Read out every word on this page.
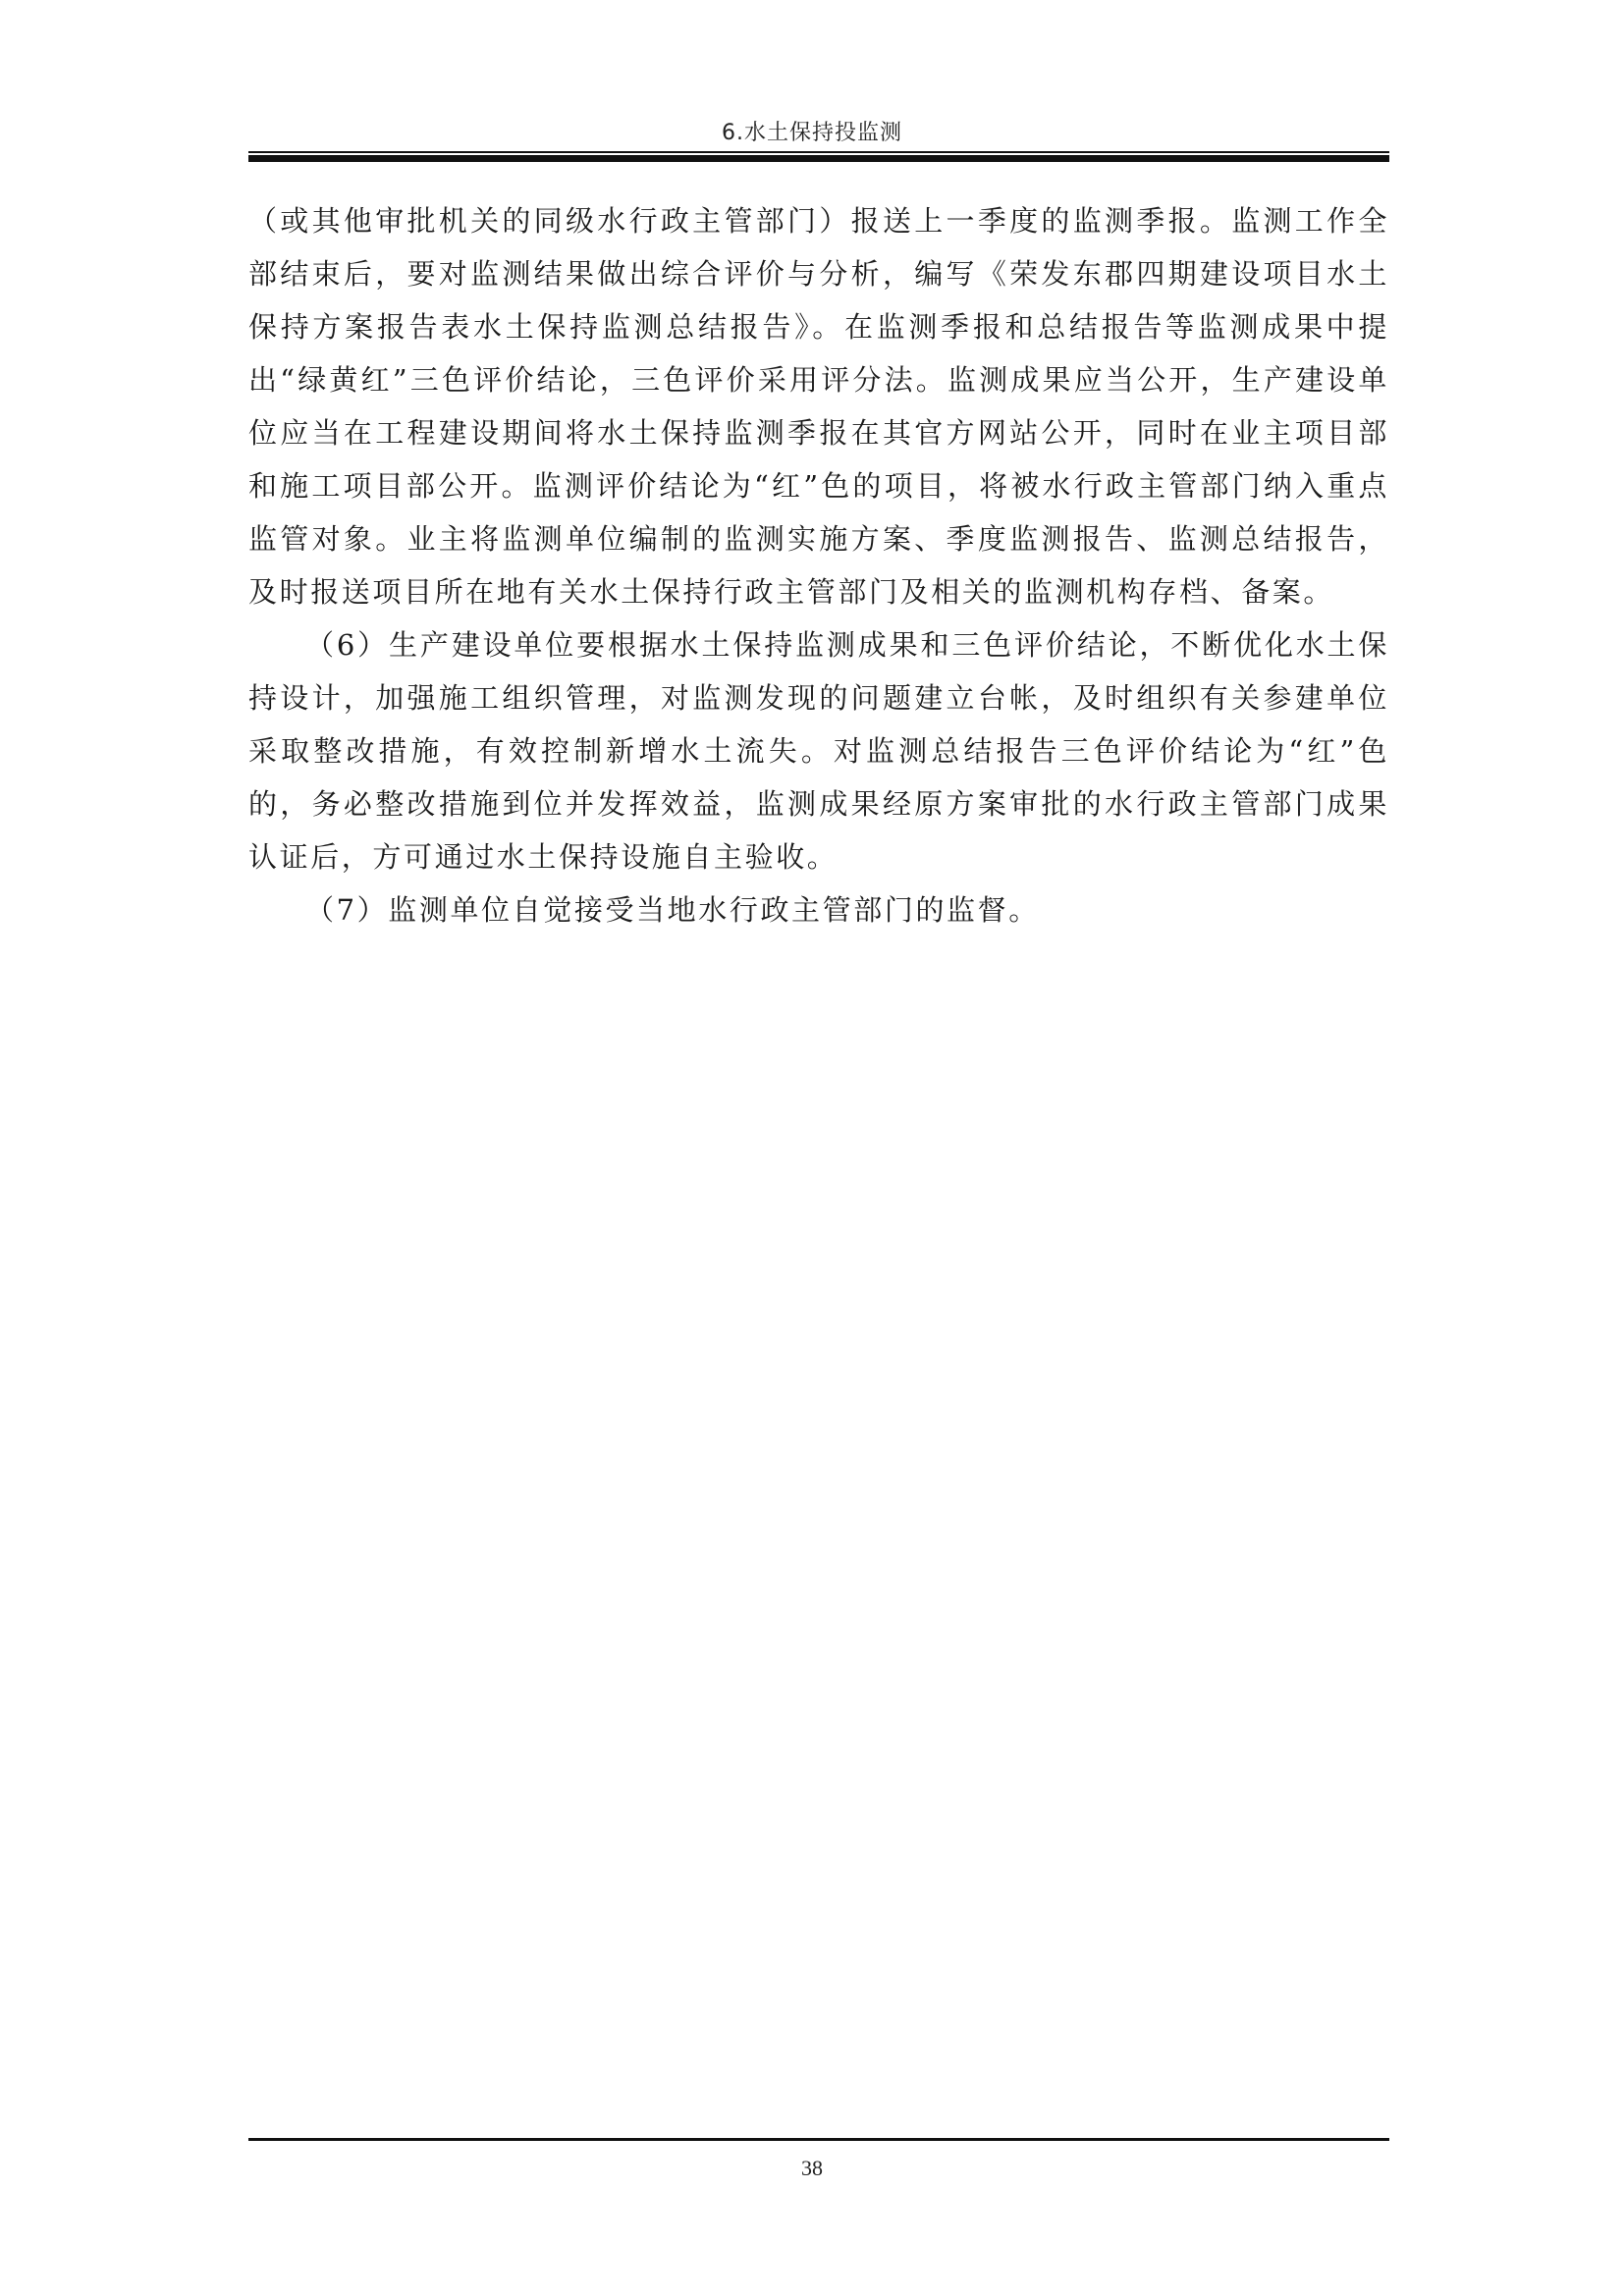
6.水土保持投监测

（或其他审批机关的同级水行政主管部门）报送上一季度的监测季报。监测工作全部结束后，要对监测结果做出综合评价与分析，编写《荣发东郡四期建设项目水土保持方案报告表水土保持监测总结报告》。在监测季报和总结报告等监测成果中提出“绿黄红”三色评价结论，三色评价采用评分法。监测成果应当公开，生产建设单位应当在工程建设期间将水土保持监测季报在其官方网站公开，同时在业主项目部和施工项目部公开。监测评价结论为“红”色的项目，将被水行政主管部门纳入重点监管对象。业主将监测单位编制的监测实施方案、季度监测报告、监测总结报告，及时报送项目所在地有关水土保持行政主管部门及相关的监测机构存档、备案。

（6）生产建设单位要根据水土保持监测成果和三色评价结论，不断优化水土保持设计，加强施工组织管理，对监测发现的问题建立台帐，及时组织有关参建单位采取整改措施，有效控制新增水土流失。对监测总结报告三色评价结论为“红”色的，务必整改措施到位并发挥效益，监测成果经原方案审批的水行政主管部门成果认证后，方可通过水土保持设施自主验收。

（7）监测单位自觉接受当地水行政主管部门的监督。

38
